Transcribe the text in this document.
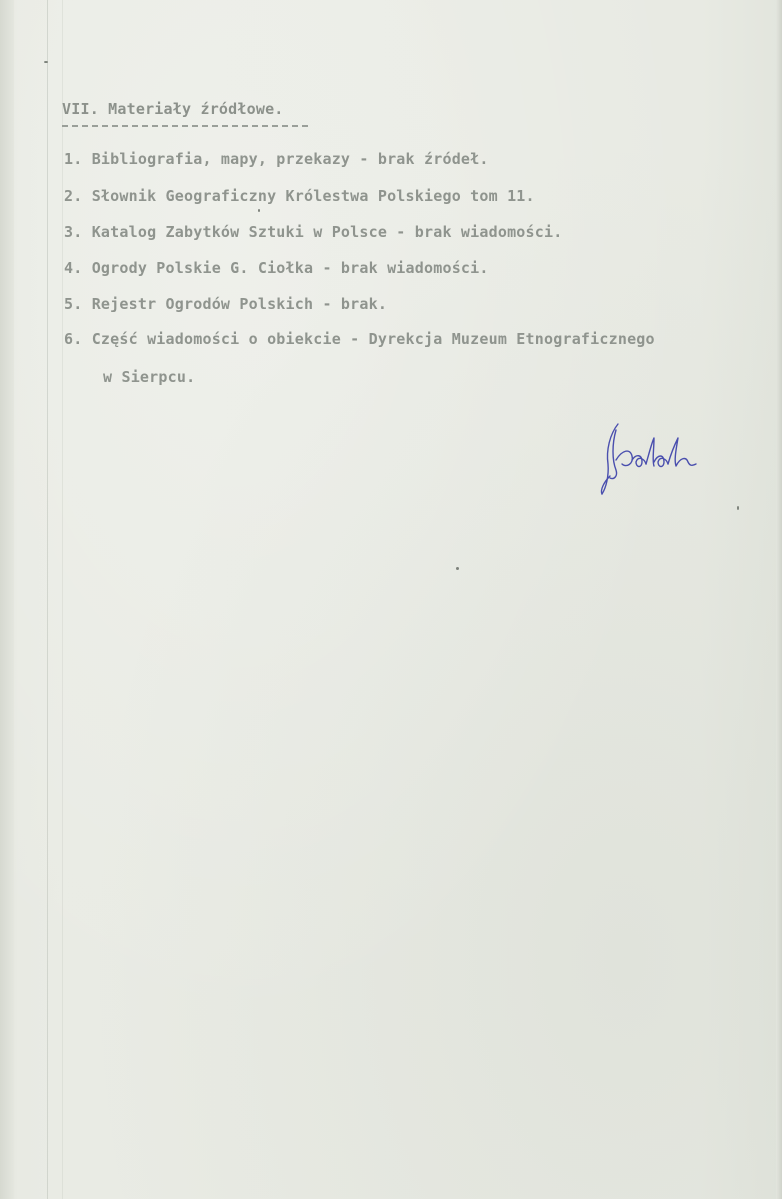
VII. Materiały źródłowe.
1. Bibliografia, mapy, przekazy - brak źródeł.
2. Słownik Geograficzny Królestwa Polskiego tom 11.
3. Katalog Zabytków Sztuki w Polsce - brak wiadomości.
4. Ogrody Polskie G. Ciołka - brak wiadomości.
5. Rejestr Ogrodów Polskich - brak.
6. Część wiadomości o obiekcie - Dyrekcja Muzeum Etnograficznego
w Sierpcu.
